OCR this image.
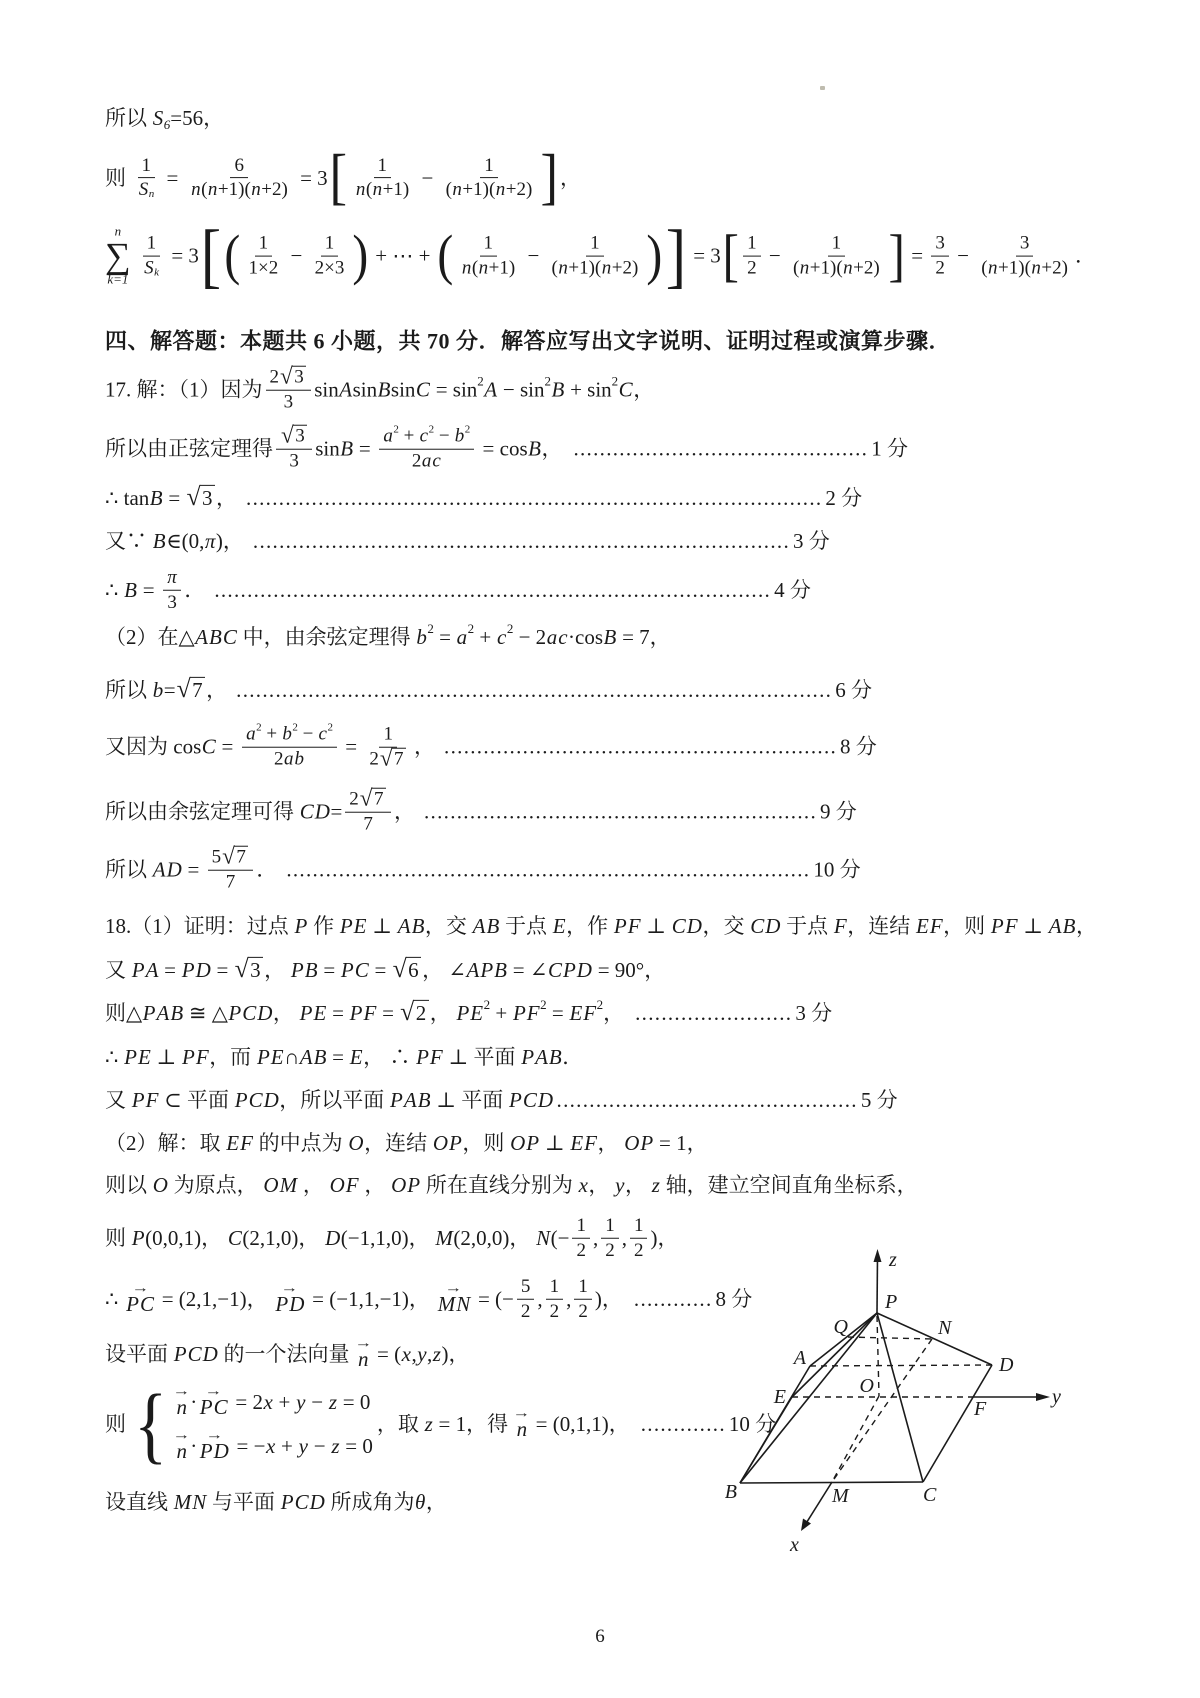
所以 S 6 =56，
则 $\frac{1}{\text{S n}} = \frac{6}{n ( n + 1 ) ( n + 2 )} = 3$ [ $\frac{1}{n ( n + 1 )} - \frac{1}{( n + 1 ) ( n + 2 )}$ ] ，
n
∑
$k=1 \frac{1}{\text{S k}} = 3$ [ ( $\frac{1}{1\times 2} - \frac{1}{2\times 3}$ ) + ⋯ + ( $\frac{1}{n ( n + 1 )} - \frac{1}{( n + 1 ) ( n + 2 )}$ ) ] = 3 [ $\frac{1}{2} - \frac{1}{( n + 1 ) ( n + 2 )}$ ] = $\frac{3}{2} - \frac{3}{( n + 1 ) ( n + 2 )}$ ．
四、解答题：本题共 6 小题，共 70 分．解答应写出文字说明、证明过程或演算步骤．
17. 解：（1）因为 $\frac{2 √ 3}{3}$ sin A sin B sin C = sin 2 A − sin 2 B + sin 2 C ，
所以由正弦定理得 $\frac{√ 3}{3}$ $\sin B = \frac{a 2 + c 2 - b 2}{\text{2 a c}} = \cos B$ ， ............................................. 1 分
∴ tan B = √ 3 ， ........................................................................................ 2 分
又∵ B ∈(0, π )， .................................................................................. 3 分
∴ $B = \frac{\pi}{3}$ ． ..................................................................................... 4 分
（2）在△ A B C 中，由余弦定理得 b 2 = a 2 + c 2 − 2 a c ·cos B = 7，
所以 b = √ 7 ， ........................................................................................... 6 分
又因为 $\cos C = \frac{a 2 + b 2 - c 2}{\text{2 a b}} = \frac{1}{2 √ 7}$ ， ............................................................ 8 分
所以由余弦定理可得 C $D = \frac{2 √ 7}{7}$ ， ............................................................ 9 分
所以 A $D = \frac{5 √ 7}{7}$ ． ................................................................................ 10 分
18.（1）证明：过点 P 作 P E ⊥ A B ，交 A B 于点 E ，作 P F ⊥ C D ，交 C D 于点 F ，连结 E F ，则 P F ⊥ A B ，
又 P A = P D = √ 3 ， P B = P C = √ 6 ， ∠ A P B = ∠ C P D = 90°，
则△ P A B ≅ △ P C D ， P E = P F = √ 2 ， P E 2 + P F 2 = E F 2 ， ........................ 3 分
∴ P E ⊥ P F ，而 P E ∩ A B = E ， ∴ P F ⊥ 平面 P A B ．
又 P F ⊂ 平面 P C D ，所以平面 P A B ⊥ 平面 P C D .............................................. 5 分
（2）解：取 E F 的中点为 O ，连结 O P ，则 O P ⊥ E F ， O P = 1，
则以 O 为原点， O M ， O F ， O P 所在直线分别为 x ， y ， z 轴，建立空间直角坐标系，
则 P (0,0,1)， C (2,1,0)， D (−1,1,0)， M (2,0,0)， N (− $\frac{1}{2}$ , $\frac{1}{2}$ , $\frac{1}{2}$ )，
∴ →
P C = (2,1,−1)， →
P D = (−1,1,−1)， →
M N = (− $\frac{5}{2}$ , $\frac{1}{2}$ , $\frac{1}{2}$ )， ............ 8 分
设平面 P C D 的一个法向量 →
n = ( x , y , z )，
则 { →
n · →
P C = 2 x + y − z = 0
→
n · →
P D = − x + y − z = 0
，取 z = 1，得 →
n = (0,1,1)， ............. 10 分
设直线 M N 与平面 P C D 所成角为 θ ，
z
P
Q	N
A	D
E	O
F
y
B	M	C
x
6
